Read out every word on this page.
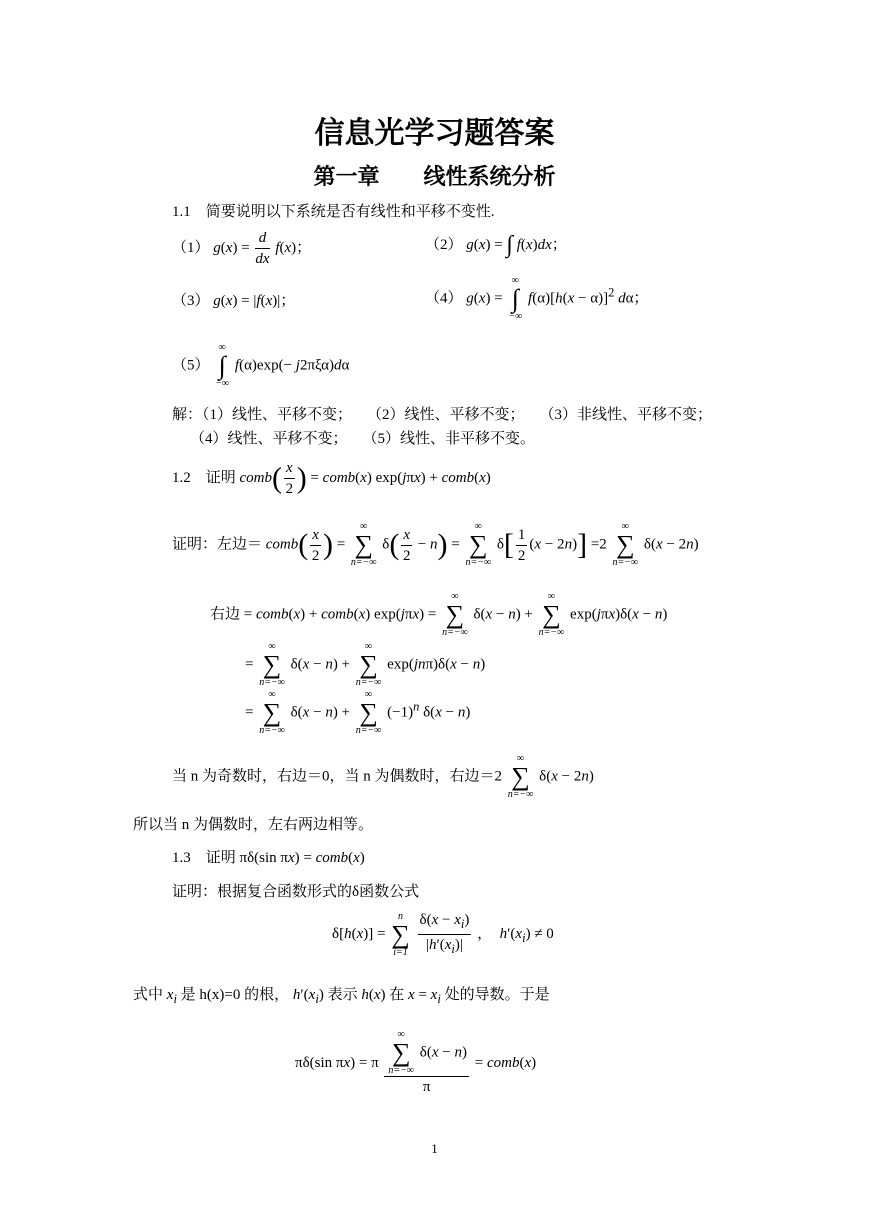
信息光学习题答案
第一章　　线性系统分析
1.1　简要说明以下系统是否有线性和平移不变性.
（1） $g(x) = \frac{d}{dx} f(x)$；	（2） g(x) = ∫ f(x)dx；
（3） g(x) = |f(x)|；	（4） g(x) =
∞
∫
−∞
$f(\alpha)[h(x - \alpha)]^2$ dα；
（5）
∞
∫
−∞
f(α)exp(− j2πξα)dα
解：（1）线性、平移不变；　　（2）线性、平移不变；　　（3）非线性、平移不变；
（4）线性、平移不变；　　（5）线性、非平移不变。
1.2　证明 comb( $\frac{x}{2}$ ) = comb(x) exp(jπx) + comb(x)
证明：左边＝ comb( $\frac{x}{2}$ ) =
∞
∑
n=−∞
$\delta( \frac{x}{2} - n)$ =
∞
∑
n=−∞
$\delta[ \frac{1}{2} (x - 2n)] =2$
∞
∑
n=−∞
δ(x − 2n)
右边 = comb(x) + comb(x) exp(jπx) =
∞
∑
n=−∞
δ(x − n) +
∞
∑
n=−∞
exp(jπx)δ(x − n)
=
∞
∑
n=−∞
δ(x − n) +
∞
∑
n=−∞
exp(jnπ)δ(x − n)
=
∞
∑
n=−∞
δ(x − n) +
∞
∑
n=−∞
$(-1)^n$ δ(x − n)
当 n 为奇数时，右边＝0，当 n 为偶数时，右边＝2
∞
∑
n=−∞
δ(x − 2n)
所以当 n 为偶数时，左右两边相等。
1.3　证明 πδ(sin πx) = comb(x)
证明：根据复合函数形式的δ函数公式
δ[h(x)] =
n
∑
i=1
$\frac{\delta(x - x_i)}{|h'(x_i)|}$ ，  $h'(x_i) \ne 0$
式中 $x_i$ 是 h(x)=0 的根， $h'(x_i)$ 表示 h(x) 在 $x = x_i$ 处的导数。于是
πδ(sin πx) = π ∞
∑
n=−∞
δ(x − n)
π = comb(x)
1
